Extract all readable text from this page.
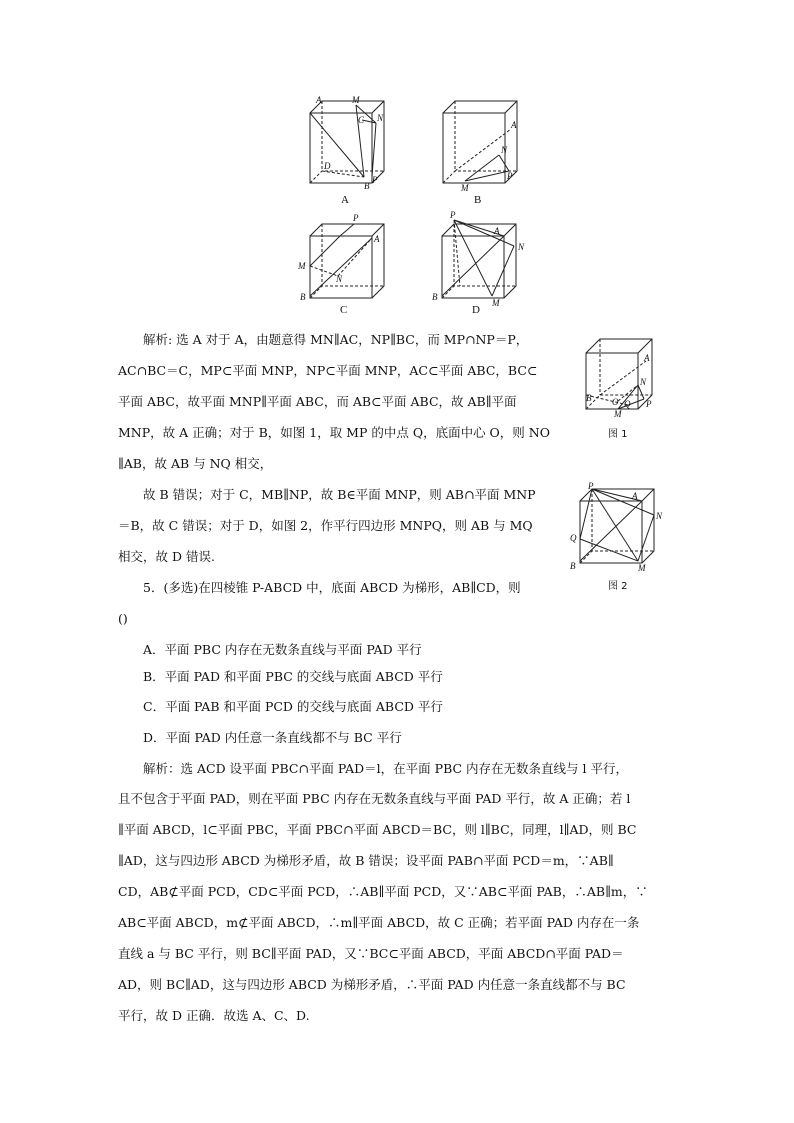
A	M
C N
D
B
P
A
A
N
M
P
B
P
A
M
N
B
C
P
A
N
B
M
D
A
N
B O Q
M
P
图 1
P
A
N
Q
B	M
图 2
解析: 选 A 对于 A，由题意得 MN∥AC，NP∥BC，而 MP∩NP＝P，
AC∩BC＝C，MP⊂平面 MNP，NP⊂平面 MNP，AC⊂平面 ABC，BC⊂
平面 ABC，故平面 MNP∥平面 ABC，而 AB⊂平面 ABC，故 AB∥平面
MNP，故 A 正确；对于 B，如图 1，取 MP 的中点 Q，底面中心 O，则 NO
∥AB，故 AB 与 NQ 相交，
故 B 错误；对于 C，MB∥NP，故 B∈平面 MNP，则 AB∩平面 MNP
＝B，故 C 错误；对于 D，如图 2，作平行四边形 MNPQ，则 AB 与 MQ
相交，故 D 错误.
5．(多选)在四棱锥 P-ABCD 中，底面 ABCD 为梯形，AB∥CD，则
()
A．平面 PBC 内存在无数条直线与平面 PAD 平行
B．平面 PAD 和平面 PBC 的交线与底面 ABCD 平行
C．平面 PAB 和平面 PCD 的交线与底面 ABCD 平行
D．平面 PAD 内任意一条直线都不与 BC 平行
解析：选 ACD 设平面 PBC∩平面 PAD＝l，在平面 PBC 内存在无数条直线与 l 平行，
且不包含于平面 PAD，则在平面 PBC 内存在无数条直线与平面 PAD 平行，故 A 正确；若 l
∥平面 ABCD，l⊂平面 PBC，平面 PBC∩平面 ABCD＝BC，则 l∥BC，同理，l∥AD，则 BC
∥AD，这与四边形 ABCD 为梯形矛盾，故 B 错误；设平面 PAB∩平面 PCD＝m，∵AB∥
CD，AB⊄平面 PCD，CD⊂平面 PCD，∴AB∥平面 PCD，又∵AB⊂平面 PAB，∴AB∥m，∵
AB⊂平面 ABCD，m⊄平面 ABCD，∴m∥平面 ABCD，故 C 正确；若平面 PAD 内存在一条
直线 a 与 BC 平行，则 BC∥平面 PAD，又∵BC⊂平面 ABCD，平面 ABCD∩平面 PAD＝
AD，则 BC∥AD，这与四边形 ABCD 为梯形矛盾，∴平面 PAD 内任意一条直线都不与 BC
平行，故 D 正确．故选 A、C、D.
